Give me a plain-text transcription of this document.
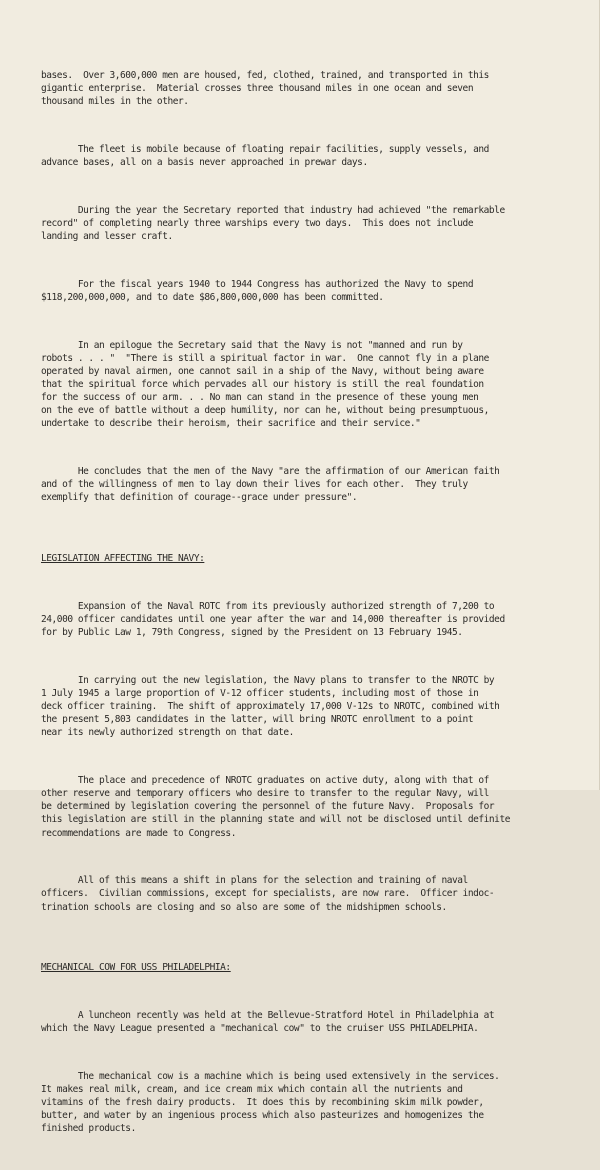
bases.  Over 3,600,000 men are housed, fed, clothed, trained, and transported in this
gigantic enterprise.  Material crosses three thousand miles in one ocean and seven
thousand miles in the other.

The fleet is mobile because of floating repair facilities, supply vessels, and
advance bases, all on a basis never approached in prewar days.

During the year the Secretary reported that industry had achieved "the remarkable
record" of completing nearly three warships every two days.  This does not include
landing and lesser craft.

For the fiscal years 1940 to 1944 Congress has authorized the Navy to spend
$118,200,000,000, and to date $86,800,000,000 has been committed.

In an epilogue the Secretary said that the Navy is not "manned and run by
robots . . . "  "There is still a spiritual factor in war.  One cannot fly in a plane
operated by naval airmen, one cannot sail in a ship of the Navy, without being aware
that the spiritual force which pervades all our history is still the real foundation
for the success of our arm. . . No man can stand in the presence of these young men
on the eve of battle without a deep humility, nor can he, without being presumptuous,
undertake to describe their heroism, their sacrifice and their service."

He concludes that the men of the Navy "are the affirmation of our American faith
and of the willingness of men to lay down their lives for each other.  They truly
exemplify that definition of courage--grace under pressure".

LEGISLATION AFFECTING THE NAVY:

Expansion of the Naval ROTC from its previously authorized strength of 7,200 to
24,000 officer candidates until one year after the war and 14,000 thereafter is provided
for by Public Law 1, 79th Congress, signed by the President on 13 February 1945.

In carrying out the new legislation, the Navy plans to transfer to the NROTC by
1 July 1945 a large proportion of V-12 officer students, including most of those in
deck officer training.  The shift of approximately 17,000 V-12s to NROTC, combined with
the present 5,803 candidates in the latter, will bring NROTC enrollment to a point
near its newly authorized strength on that date.

The place and precedence of NROTC graduates on active duty, along with that of
other reserve and temporary officers who desire to transfer to the regular Navy, will
be determined by legislation covering the personnel of the future Navy.  Proposals for
this legislation are still in the planning state and will not be disclosed until definite
recommendations are made to Congress.

All of this means a shift in plans for the selection and training of naval
officers.  Civilian commissions, except for specialists, are now rare.  Officer indoc-
trination schools are closing and so also are some of the midshipmen schools.

MECHANICAL COW FOR USS PHILADELPHIA:

A luncheon recently was held at the Bellevue-Stratford Hotel in Philadelphia at
which the Navy League presented a "mechanical cow" to the cruiser USS PHILADELPHIA.

The mechanical cow is a machine which is being used extensively in the services.
It makes real milk, cream, and ice cream mix which contain all the nutrients and
vitamins of the fresh dairy products.  It does this by recombining skim milk powder,
butter, and water by an ingenious process which also pasteurizes and homogenizes the
finished products.
